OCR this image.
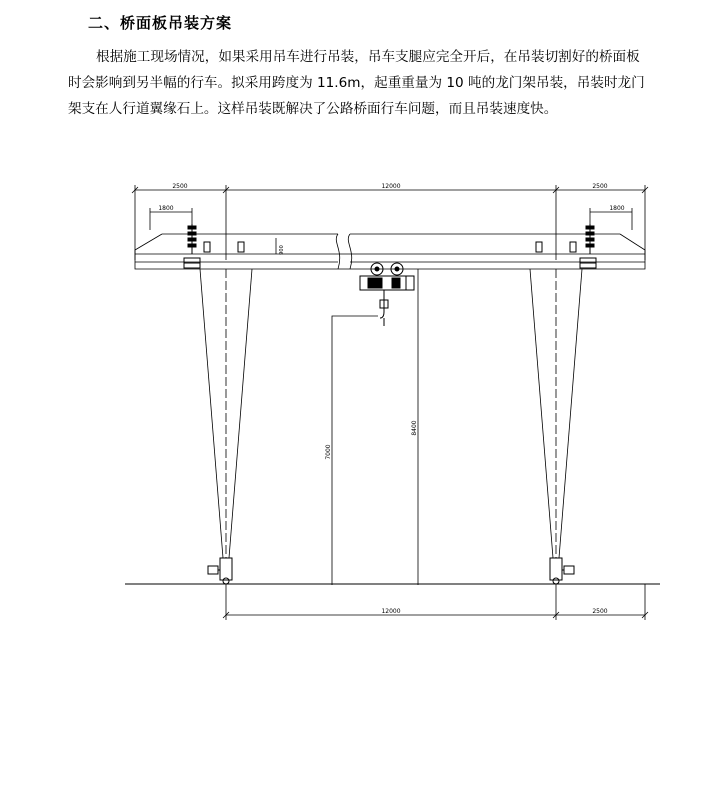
二、桥面板吊装方案

根据施工现场情况，如果采用吊车进行吊装，吊车支腿应完全开后，在吊装切割好的桥面板时会影响到另半幅的行车。拟采用跨度为 11.6m，起重重量为 10 吨的龙门架吊装，吊装时龙门架支在人行道翼缘石上。这样吊装既解决了公路桥面行车问题，而且吊装速度快。

2500	12000	2500
1800	1800
900
7000
8400
12000	2500
